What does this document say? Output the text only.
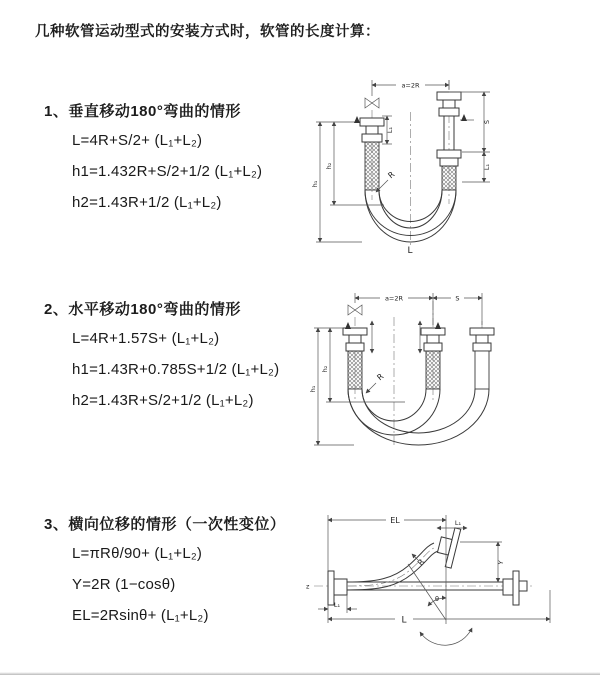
几种软管运动型式的安装方式时，软管的长度计算：
1、垂直移动180°弯曲的情形
L=4R+S/2+ (L₁+L₂)
h1=1.432R+S/2+1/2 (L₁+L₂)
h2=1.43R+1/2 (L₁+L₂)
2、水平移动180°弯曲的情形
L=4R+1.57S+ (L₁+L₂)
h1=1.43R+0.785S+1/2 (L₁+L₂)
h2=1.43R+S/2+1/2 (L₁+L₂)
3、横向位移的情形（一次性变位）
L=πRθ/90+ (L₁+L₂)
Y=2R (1−cosθ)
EL=2Rsinθ+ (L₁+L₂)
a=2R
h₁
h₂
L₁
S
L₁
R
L
a=2R	S
h₁
h₂
R
z
EL	L₁
Y
R
θ
L₁
L
